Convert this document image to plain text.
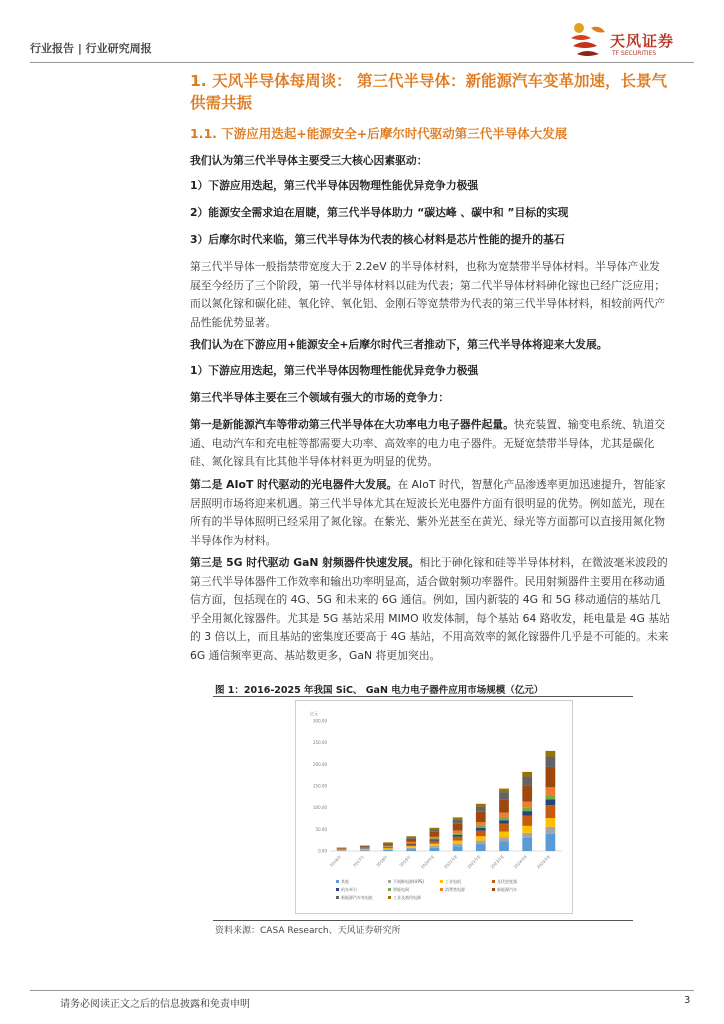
行业报告 | 行业研究周报	天风证券
TF SECURITIES
1. 天风半导体每周谈： 第三代半导体：新能源汽车变革加速，长景气供需共振
1.1. 下游应用迭起+能源安全+后摩尔时代驱动第三代半导体大发展
我们认为第三代半导体主要受三大核心因素驱动：
1）下游应用迭起，第三代半导体因物理性能优异竞争力极强
2）能源安全需求迫在眉睫，第三代半导体助力 “碳达峰 、碳中和 ”目标的实现
3）后摩尔时代来临，第三代半导体为代表的核心材料是芯片性能的提升的基石
第三代半导体一般指禁带宽度大于 2.2eV 的半导体材料，也称为宽禁带半导体材料。半导体产业发展至今经历了三个阶段，第一代半导体材料以硅为代表；第二代半导体材料砷化镓也已经广泛应用；而以氮化镓和碳化硅、氧化锌、氧化铝、金刚石等宽禁带为代表的第三代半导体材料，相较前两代产品性能优势显著。
我们认为在下游应用+能源安全+后摩尔时代三者推动下，第三代半导体将迎来大发展。
1）下游应用迭起，第三代半导体因物理性能优异竞争力极强
第三代半导体主要在三个领域有强大的市场的竞争力：
第一是新能源汽车等带动第三代半导体在大功率电力电子器件起量。快充装置、输变电系统、轨道交通、电动汽车和充电桩等都需要大功率、高效率的电力电子器件。无疑宽禁带半导体，尤其是碳化硅、氮化镓具有比其他半导体材料更为明显的优势。
第二是 AIoT 时代驱动的光电器件大发展。在 AIoT 时代，智慧化产品渗透率更加迅速提升，智能家居照明市场将迎来机遇。第三代半导体尤其在短波长光电器件方面有很明显的优势。例如蓝光，现在所有的半导体照明已经采用了氮化镓。在紫光、紫外光甚至在黄光、绿光等方面都可以直接用氮化物半导体作为材料。
第三是 5G 时代驱动 GaN 射频器件快速发展。相比于砷化镓和硅等半导体材料，在微波毫米波段的第三代半导体器件工作效率和输出功率明显高，适合做射频功率器件。民用射频器件主要用在移动通信方面，包括现在的 4G、5G 和未来的 6G 通信。例如，国内新装的 4G 和 5G 移动通信的基站几乎全用氮化镓器件。尤其是 5G 基站采用 MIMO 收发体制，每个基站 64 路收发，耗电量是 4G 基站的 3 倍以上，而且基站的密集度还要高于 4G 基站，不用高效率的氮化镓器件几乎是不可能的。未来 6G 通信频率更高、基站数更多，GaN 将更加突出。
图 1：2016-2025 年我国 SiC、 GaN 电力电子器件应用市场规模（亿元）
亿元
0.00
50.00
100.00
150.00
200.00
250.00
300.00
2016年 2017年 2018年 2019年 2020年E 2021年E 2022年E 2023年E 2024年E 2025年E
其他	不间断电源(UPS)	工业电机	光伏逆变器
机车牵引	智能电网	消费类电源	新能源汽车
新能源汽车充电桩	工业及商用电源
资料来源：CASA Research、天风证券研究所
请务必阅读正文之后的信息披露和免责申明	3
